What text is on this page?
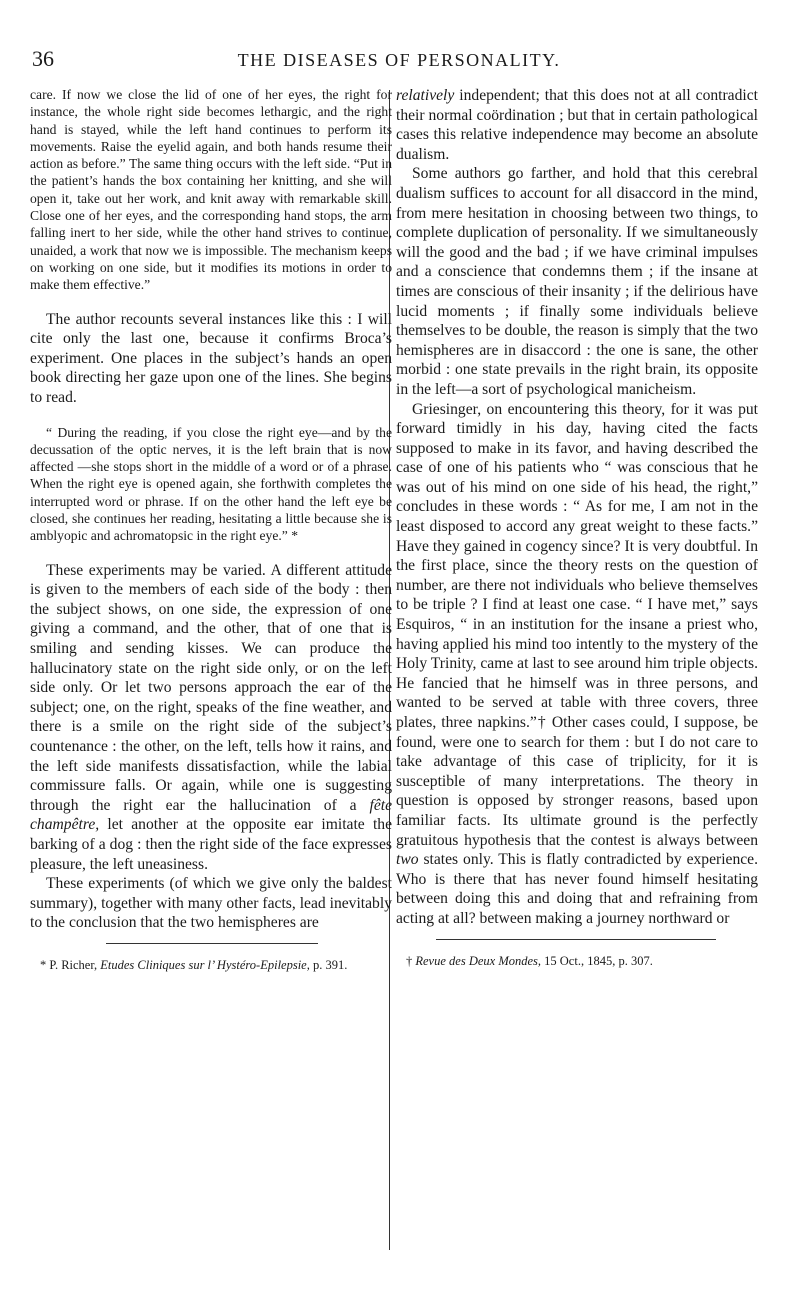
36	THE DISEASES OF PERSONALITY.

care. If now we close the lid of one of her eyes, the right for instance, the whole right side becomes lethargic, and the right hand is stayed, while the left hand continues to perform its movements. Raise the eyelid again, and both hands resume their action as before.” The same thing occurs with the left side. “Put in the patient’s hands the box containing her knitting, and she will open it, take out her work, and knit away with remarkable skill. Close one of her eyes, and the corresponding hand stops, the arm falling inert to her side, while the other hand strives to continue, unaided, a work that now we is impossible. The mechanism keeps on working on one side, but it modifies its motions in order to make them effective.”

The author recounts several instances like this : I will cite only the last one, because it confirms Broca’s experiment. One places in the subject’s hands an open book directing her gaze upon one of the lines. She begins to read.

“ During the reading, if you close the right eye—and by the decussation of the optic nerves, it is the left brain that is now affected —she stops short in the middle of a word or of a phrase. When the right eye is opened again, she forthwith completes the interrupted word or phrase. If on the other hand the left eye be closed, she continues her reading, hesitating a little because she is amblyopic and achromatopsic in the right eye.” *

These experiments may be varied. A different attitude is given to the members of each side of the body : then the subject shows, on one side, the expression of one giving a command, and the other, that of one that is smiling and sending kisses. We can produce the hallucinatory state on the right side only, or on the left side only. Or let two persons approach the ear of the subject; one, on the right, speaks of the fine weather, and there is a smile on the right side of the subject’s countenance : the other, on the left, tells how it rains, and the left side manifests dissatisfaction, while the labial commissure falls. Or again, while one is suggesting through the right ear the hallucination of a fête champêtre, let another at the opposite ear imitate the barking of a dog : then the right side of the face expresses pleasure, the left uneasiness.

These experiments (of which we give only the baldest summary), together with many other facts, lead inevitably to the conclusion that the two hemispheres are

* P. Richer, Etudes Cliniques sur l’ Hystéro-Epilepsie, p. 391.

relatively independent; that this does not at all contradict their normal coördination ; but that in certain pathological cases this relative independence may become an absolute dualism.

Some authors go farther, and hold that this cerebral dualism suffices to account for all disaccord in the mind, from mere hesitation in choosing between two things, to complete duplication of personality. If we simultaneously will the good and the bad ; if we have criminal impulses and a conscience that condemns them ; if the insane at times are conscious of their insanity ; if the delirious have lucid moments ; if finally some individuals believe themselves to be double, the reason is simply that the two hemispheres are in disaccord : the one is sane, the other morbid : one state prevails in the right brain, its opposite in the left—a sort of psychological manicheism.

Griesinger, on encountering this theory, for it was put forward timidly in his day, having cited the facts supposed to make in its favor, and having described the case of one of his patients who “ was conscious that he was out of his mind on one side of his head, the right,” concludes in these words : “ As for me, I am not in the least disposed to accord any great weight to these facts.” Have they gained in cogency since? It is very doubtful. In the first place, since the theory rests on the question of number, are there not individuals who believe themselves to be triple ? I find at least one case. “ I have met,” says Esquiros, “ in an institution for the insane a priest who, having applied his mind too intently to the mystery of the Holy Trinity, came at last to see around him triple objects. He fancied that he himself was in three persons, and wanted to be served at table with three covers, three plates, three napkins.”† Other cases could, I suppose, be found, were one to search for them : but I do not care to take advantage of this case of triplicity, for it is susceptible of many interpretations. The theory in question is opposed by stronger reasons, based upon familiar facts. Its ultimate ground is the perfectly gratuitous hypothesis that the contest is always between two states only. This is flatly contradicted by experience. Who is there that has never found himself hesitating between doing this and doing that and refraining from acting at all? between making a journey northward or

† Revue des Deux Mondes, 15 Oct., 1845, p. 307.
